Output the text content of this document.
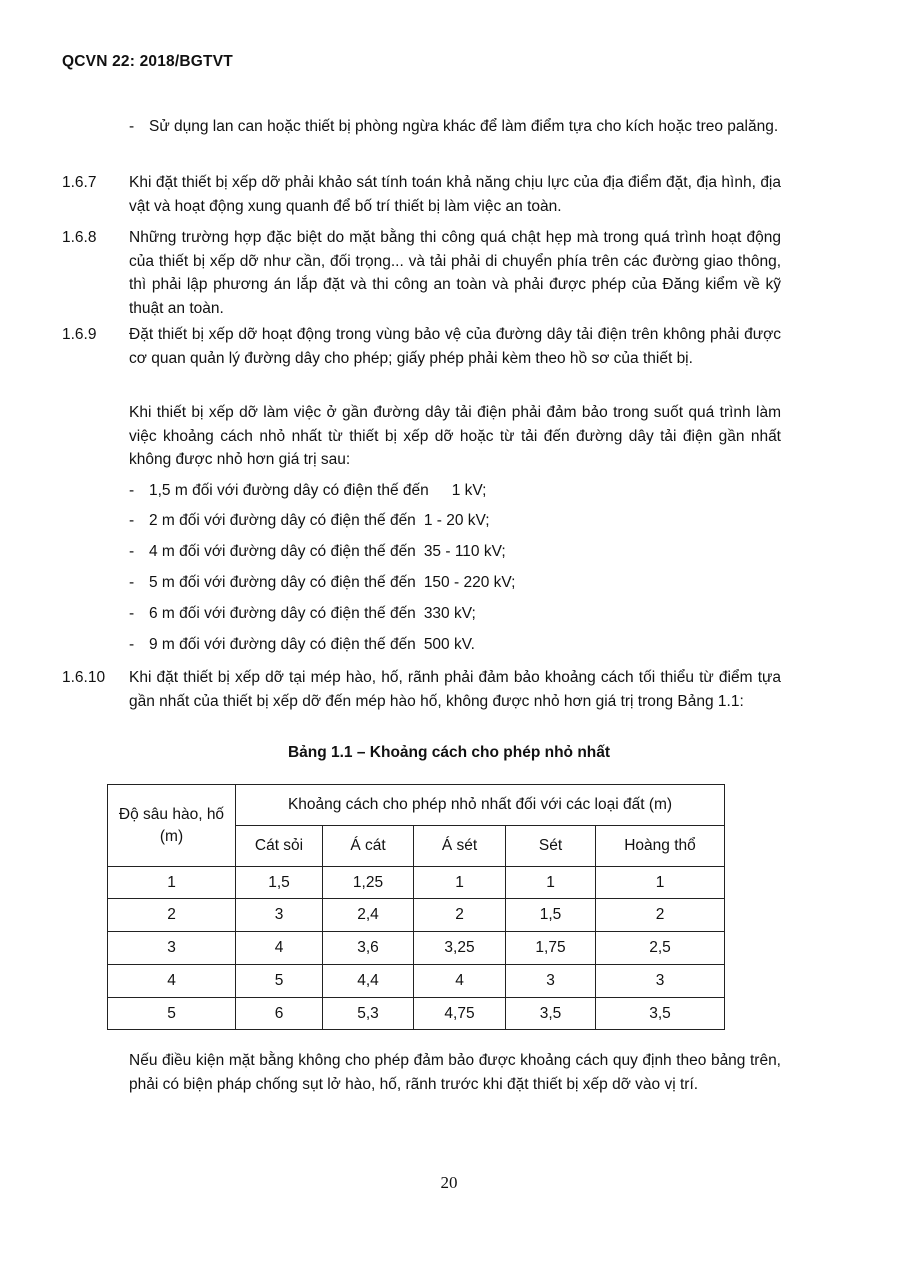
QCVN 22: 2018/BGTVT
- Sử dụng lan can hoặc thiết bị phòng ngừa khác để làm điểm tựa cho kích hoặc treo palăng.
1.6.7 Khi đặt thiết bị xếp dỡ phải khảo sát tính toán khả năng chịu lực của địa điểm đặt, địa hình, địa vật và hoạt động xung quanh để bố trí thiết bị làm việc an toàn.
1.6.8 Những trường hợp đặc biệt do mặt bằng thi công quá chật hẹp mà trong quá trình hoạt động của thiết bị xếp dỡ như cần, đối trọng... và tải phải di chuyển phía trên các đường giao thông, thì phải lập phương án lắp đặt và thi công an toàn và phải được phép của Đăng kiểm về kỹ thuật an toàn.
1.6.9 Đặt thiết bị xếp dỡ hoạt động trong vùng bảo vệ của đường dây tải điện trên không phải được cơ quan quản lý đường dây cho phép; giấy phép phải kèm theo hồ sơ của thiết bị.
Khi thiết bị xếp dỡ làm việc ở gần đường dây tải điện phải đảm bảo trong suốt quá trình làm việc khoảng cách nhỏ nhất từ thiết bị xếp dỡ hoặc từ tải đến đường dây tải điện gần nhất không được nhỏ hơn giá trị sau:
- 1,5 m đối với đường dây có điện thế đến 1 kV;
- 2 m đối với đường dây có điện thế đến 1 - 20 kV;
- 4 m đối với đường dây có điện thế đến 35 - 110 kV;
- 5 m đối với đường dây có điện thế đến 150 - 220 kV;
- 6 m đối với đường dây có điện thế đến 330 kV;
- 9 m đối với đường dây có điện thế đến 500 kV.
1.6.10 Khi đặt thiết bị xếp dỡ tại mép hào, hố, rãnh phải đảm bảo khoảng cách tối thiểu từ điểm tựa gần nhất của thiết bị xếp dỡ đến mép hào hố, không được nhỏ hơn giá trị trong Bảng 1.1:
Bảng 1.1 – Khoảng cách cho phép nhỏ nhất
Độ sâu hào, hố (m)	Khoảng cách cho phép nhỏ nhất đối với các loại đất (m)				
	Cát sỏi	Á cát	Á sét	Sét	Hoàng thổ
1	1,5	1,25	1	1	1
2	3	2,4	2	1,5	2
3	4	3,6	3,25	1,75	2,5
4	5	4,4	4	3	3
5	6	5,3	4,75	3,5	3,5
Nếu điều kiện mặt bằng không cho phép đảm bảo được khoảng cách quy định theo bảng trên, phải có biện pháp chống sụt lở hào, hố, rãnh trước khi đặt thiết bị xếp dỡ vào vị trí.
20
